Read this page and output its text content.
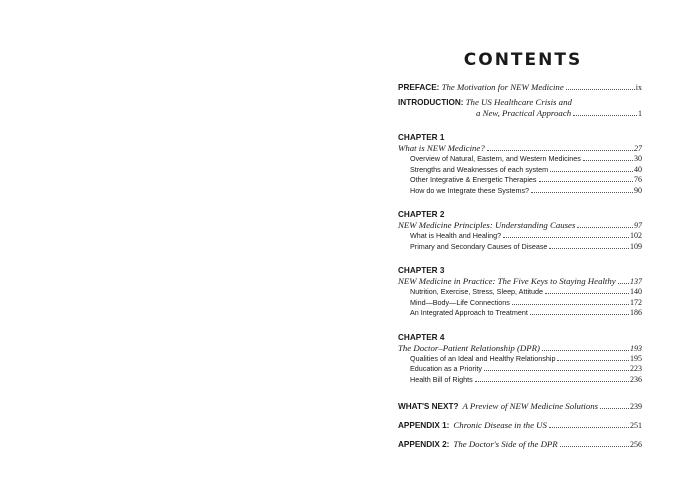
CONTENTS
PREFACE: The Motivation for NEW Medicine	ix
INTRODUCTION: The US Healthcare Crisis and
a New, Practical Approach	1
CHAPTER 1
What is NEW Medicine?	27
Overview of Natural, Eastern, and Western Medicines	30
Strengths and Weaknesses of each system	40
Other Integrative & Energetic Therapies	76
How do we Integrate these Systems?	90
CHAPTER 2
NEW Medicine Principles: Understanding Causes	97
What is Health and Healing?	102
Primary and Secondary Causes of Disease	109
CHAPTER 3
NEW Medicine in Practice: The Five Keys to Staying Healthy 137
Nutrition, Exercise, Stress, Sleep, Attitude	140
Mind—Body—Life Connections	172
An Integrated Approach to Treatment	186
CHAPTER 4
The Doctor–Patient Relationship (DPR)	193
Qualities of an Ideal and Healthy Relationship	195
Education as a Priority	223
Health Bill of Rights	236
WHAT'S NEXT? A Preview of NEW Medicine Solutions	239
APPENDIX 1: Chronic Disease in the US	251
APPENDIX 2: The Doctor's Side of the DPR	256
